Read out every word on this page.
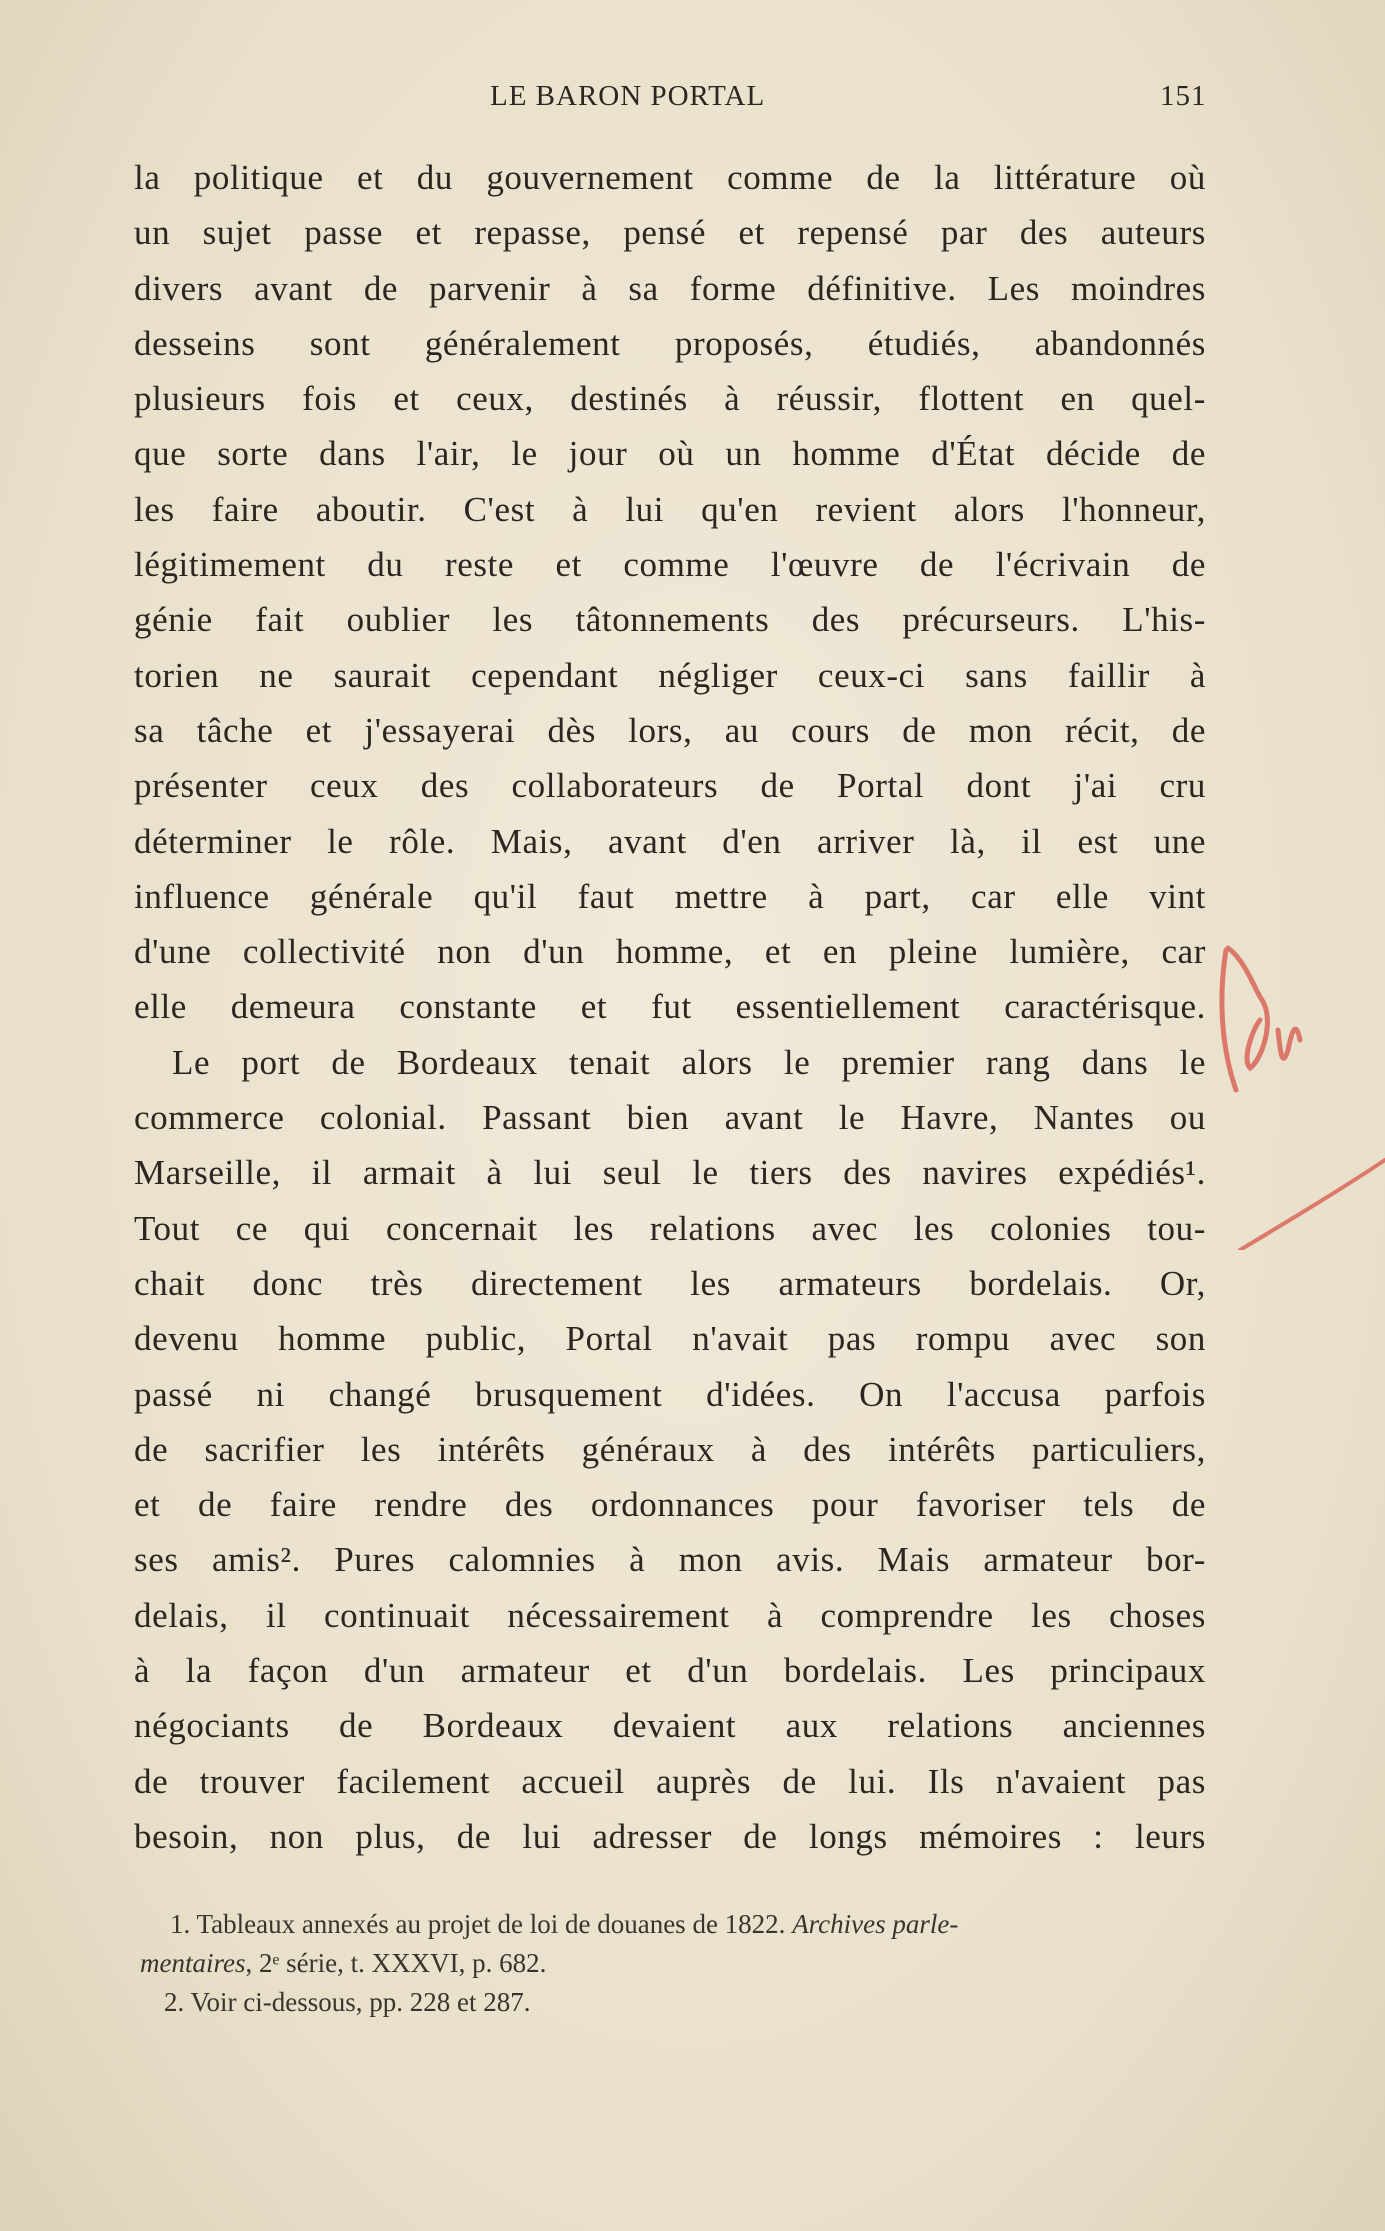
LE BARON PORTAL	151
la politique et du gouvernement comme de la littérature où
un sujet passe et repasse, pensé et repensé par des auteurs
divers avant de parvenir à sa forme définitive. Les moindres
desseins sont généralement proposés, étudiés, abandonnés
plusieurs fois et ceux, destinés à réussir, flottent en quel-
que sorte dans l'air, le jour où un homme d'État décide de
les faire aboutir. C'est à lui qu'en revient alors l'honneur,
légitimement du reste et comme l'œuvre de l'écrivain de
génie fait oublier les tâtonnements des précurseurs. L'his-
torien ne saurait cependant négliger ceux-ci sans faillir à
sa tâche et j'essayerai dès lors, au cours de mon récit, de
présenter ceux des collaborateurs de Portal dont j'ai cru
déterminer le rôle. Mais, avant d'en arriver là, il est une
influence générale qu'il faut mettre à part, car elle vint
d'une collectivité non d'un homme, et en pleine lumière, car
elle demeura constante et fut essentiellement caractérisque.
Le port de Bordeaux tenait alors le premier rang dans le
commerce colonial. Passant bien avant le Havre, Nantes ou
Marseille, il armait à lui seul le tiers des navires expédiés¹.
Tout ce qui concernait les relations avec les colonies tou-
chait donc très directement les armateurs bordelais. Or,
devenu homme public, Portal n'avait pas rompu avec son
passé ni changé brusquement d'idées. On l'accusa parfois
de sacrifier les intérêts généraux à des intérêts particuliers,
et de faire rendre des ordonnances pour favoriser tels de
ses amis². Pures calomnies à mon avis. Mais armateur bor-
delais, il continuait nécessairement à comprendre les choses
à la façon d'un armateur et d'un bordelais. Les principaux
négociants de Bordeaux devaient aux relations anciennes
de trouver facilement accueil auprès de lui. Ils n'avaient pas
besoin, non plus, de lui adresser de longs mémoires : leurs
1. Tableaux annexés au projet de loi de douanes de 1822. Archives parle-
mentaires, 2ᵉ série, t. XXXVI, p. 682.
2. Voir ci-dessous, pp. 228 et 287.
